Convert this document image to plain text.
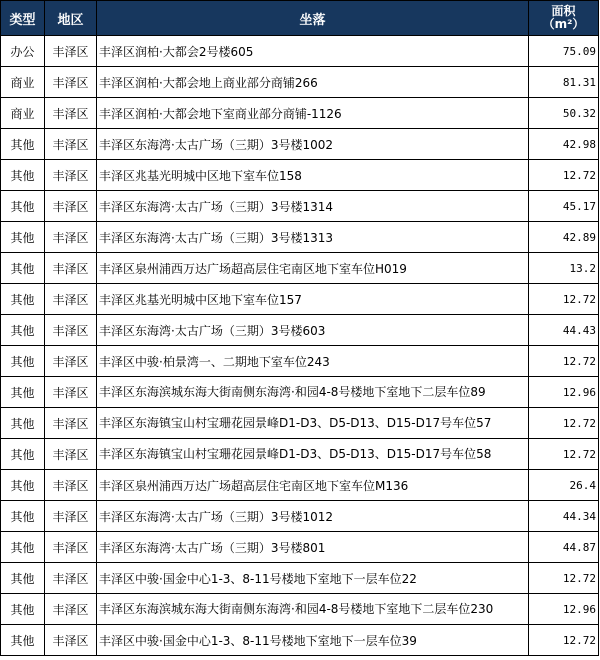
类型	地区	坐落	面积
（m²）

办公	丰泽区	丰泽区润柏·大都会2号楼605	75.09
商业	丰泽区	丰泽区润柏·大都会地上商业部分商铺266	81.31
商业	丰泽区	丰泽区润柏·大都会地下室商业部分商铺-1126	50.32
其他	丰泽区	丰泽区东海湾·太古广场（三期）3号楼1002	42.98
其他	丰泽区	丰泽区兆基光明城中区地下室车位158	12.72
其他	丰泽区	丰泽区东海湾·太古广场（三期）3号楼1314	45.17
其他	丰泽区	丰泽区东海湾·太古广场（三期）3号楼1313	42.89
其他	丰泽区	丰泽区泉州浦西万达广场超高层住宅南区地下室车位H019	13.2
其他	丰泽区	丰泽区兆基光明城中区地下室车位157	12.72
其他	丰泽区	丰泽区东海湾·太古广场（三期）3号楼603	44.43
其他	丰泽区	丰泽区中骏·柏景湾一、二期地下室车位243	12.72
其他	丰泽区	丰泽区东海滨城东海大街南侧东海湾·和园4-8号楼地下室地下二层车位89	12.96
其他	丰泽区	丰泽区东海镇宝山村宝珊花园景峰D1-D3、D5-D13、D15-D17号车位57	12.72
其他	丰泽区	丰泽区东海镇宝山村宝珊花园景峰D1-D3、D5-D13、D15-D17号车位58	12.72
其他	丰泽区	丰泽区泉州浦西万达广场超高层住宅南区地下室车位M136	26.4
其他	丰泽区	丰泽区东海湾·太古广场（三期）3号楼1012	44.34
其他	丰泽区	丰泽区东海湾·太古广场（三期）3号楼801	44.87
其他	丰泽区	丰泽区中骏·国金中心1-3、8-11号楼地下室地下一层车位22	12.72
其他	丰泽区	丰泽区东海滨城东海大街南侧东海湾·和园4-8号楼地下室地下二层车位230	12.96
其他	丰泽区	丰泽区中骏·国金中心1-3、8-11号楼地下室地下一层车位39	12.72
